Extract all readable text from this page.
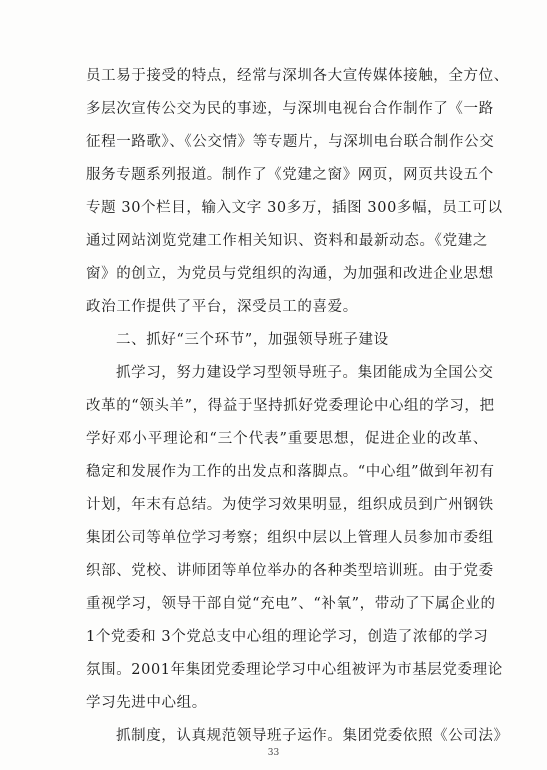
员工易于接受的特点，经常与深圳各大宣传媒体接触，全方位、
多层次宣传公交为民的事迹，与深圳电视台合作制作了《一路
征程一路歌》、《公交情》等专题片，与深圳电台联合制作公交
服务专题系列报道。制作了《党建之窗》网页，网页共设五个
专题 30个栏目，输入文字 30多万，插图 300多幅，员工可以
通过网站浏览党建工作相关知识、资料和最新动态。《党建之
窗》的创立，为党员与党组织的沟通，为加强和改进企业思想
政治工作提供了平台，深受员工的喜爱。
二、抓好“三个环节”，加强领导班子建设
抓学习，努力建设学习型领导班子。集团能成为全国公交
改革的“领头羊”，得益于坚持抓好党委理论中心组的学习，把
学好邓小平理论和“三个代表”重要思想，促进企业的改革、
稳定和发展作为工作的出发点和落脚点。“中心组”做到年初有
计划，年末有总结。为使学习效果明显，组织成员到广州钢铁
集团公司等单位学习考察；组织中层以上管理人员参加市委组
织部、党校、讲师团等单位举办的各种类型培训班。由于党委
重视学习，领导干部自觉“充电”、“补氧”，带动了下属企业的
1个党委和 3个党总支中心组的理论学习，创造了浓郁的学习
氛围。2001年集团党委理论学习中心组被评为市基层党委理论
学习先进中心组。
抓制度，认真规范领导班子运作。集团党委依照《公司法》
33
